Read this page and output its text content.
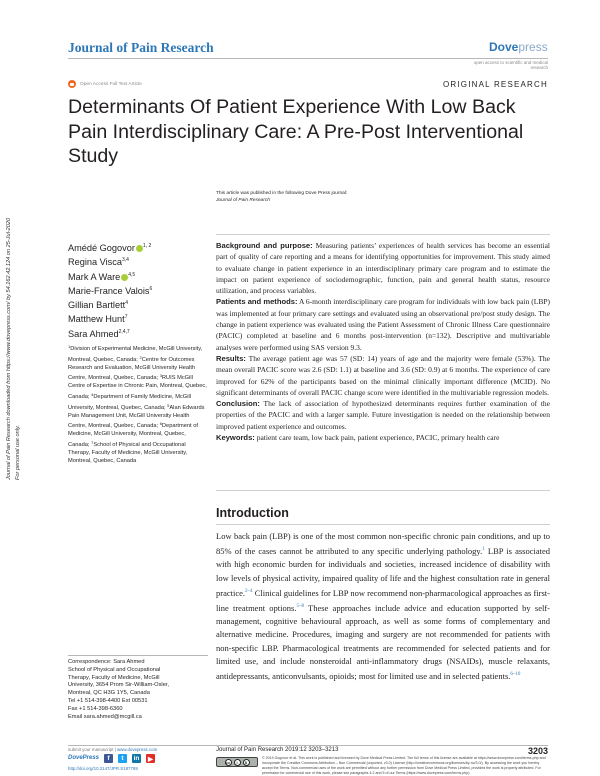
Journal of Pain Research	Dovepress
open access to scientific and medical research
Open Access Full Text Article	ORIGINAL RESEARCH
Determinants Of Patient Experience With Low Back Pain Interdisciplinary Care: A Pre-Post Interventional Study
This article was published in the following Dove Press journal:
Journal of Pain Research
Journal of Pain Research downloaded from https://www.dovepress.com/ by 54.162.42.124 on 25-Jul-2020 For personal use only.
Amédé Gogovor $^{1, 2}$
Regina Visca$^{3,4}$
Mark A Ware $^{4,5}$
Marie-France Valois$^6$
Gillian Bartlett$^4$
Matthew Hunt$^7$
Sara Ahmed$^{2,4,7}$
$^1$Division of Experimental Medicine, McGill University, Montreal, Quebec, Canada; $^2$Centre for Outcomes Research and Evaluation, McGill University Health Centre, Montreal, Quebec, Canada; $^3$RUIS McGill Centre of Expertise in Chronic Pain, Montreal, Quebec, Canada; $^4$Department of Family Medicine, McGill University, Montreal, Quebec, Canada; $^5$Alan Edwards Pain Management Unit, McGill University Health Centre, Montreal, Quebec, Canada; $^6$Department of Medicine, McGill University, Montreal, Quebec, Canada; $^7$School of Physical and Occupational Therapy, Faculty of Medicine, McGill University, Montreal, Quebec, Canada
Background and purpose: Measuring patients’ experiences of health services has become an essential part of quality of care reporting and a means for identifying opportunities for improvement. This study aimed to evaluate change in patient experience in an interdisciplinary primary care program and to estimate the impact on patient experience of sociodemographic, function, pain and general health status, resource utilization, and process variables.
Patients and methods: A 6-month interdisciplinary care program for individuals with low back pain (LBP) was implemented at four primary care settings and evaluated using an observational pre/post study design. The change in patient experience was evaluated using the Patient Assessment of Chronic Illness Care questionnaire (PACIC) completed at baseline and 6 months post-intervention (n=132). Descriptive and multivariable analyses were performed using SAS version 9.3.
Results: The average patient age was 57 (SD: 14) years of age and the majority were female (53%). The mean overall PACIC score was 2.6 (SD: 1.1) at baseline and 3.6 (SD: 0.9) at 6 months. The experience of care improved for 62% of the participants based on the minimal clinically important difference (MCID). No significant determinants of overall PACIC change score were identified in the multivariable regression models.
Conclusion: The lack of association of hypothesized determinants requires further examination of the properties of the PACIC and with a larger sample. Future investigation is needed on the relationship between improved patient experience and outcomes.
Keywords: patient care team, low back pain, patient experience, PACIC, primary health care
Introduction
Low back pain (LBP) is one of the most common non-specific chronic pain conditions, and up to 85% of the cases cannot be attributed to any specific underlying pathology.$^1$ LBP is associated with high economic burden for individuals and societies, increased incidence of disability with low levels of physical activity, impaired quality of life and the highest consultation rate in general practice.$^{2-4}$ Clinical guidelines for LBP now recommend non-pharmacological approaches as first-line treatment options.$^{5-8}$ These approaches include advice and education supported by self-management, cognitive behavioural approach, as well as some forms of complementary and alternative medicine. Procedures, imaging and surgery are not recommended for patients with non-specific LBP. Pharmacological treatments are recommended for selected patients and for limited use, and include nonsteroidal anti-inflammatory drugs (NSAIDs), muscle relaxants, antidepressants, anticonvulsants, opioids; most for limited use and in selected patients.$^{6-10}$
Correspondence: Sara Ahmed
School of Physical and Occupational
Therapy, Faculty of Medicine, McGill
University, 3654 Prom Sir-William-Osler,
Montreal, QC H3G 1Y5, Canada
Tel +1 514-398-4400 Ext 00531
Fax +1 514-398-6360
Email sara.ahmed@mcgill.ca
submit your manuscript | www.dovepress.com
DovePress	f	t	in	▶
http://doi.org/10.2147/JPR.S187769
Journal of Pain Research 2019:12 3203–3213	3203
cc	i	$
© 2019 Gogovor et al. This work is published and licensed by Dove Medical Press Limited. The full terms of this license are available at https://www.dovepress.com/terms.php and incorporate the Creative Commons Attribution – Non Commercial (unported, v3.0) License (http://creativecommons.org/licenses/by-nc/3.0/). By accessing the work you hereby accept the Terms. Non-commercial uses of the work are permitted without any further permission from Dove Medical Press Limited, provided the work is properly attributed. For permission for commercial use of this work, please see paragraphs 4.2 and 5 of our Terms (https://www.dovepress.com/terms.php).
